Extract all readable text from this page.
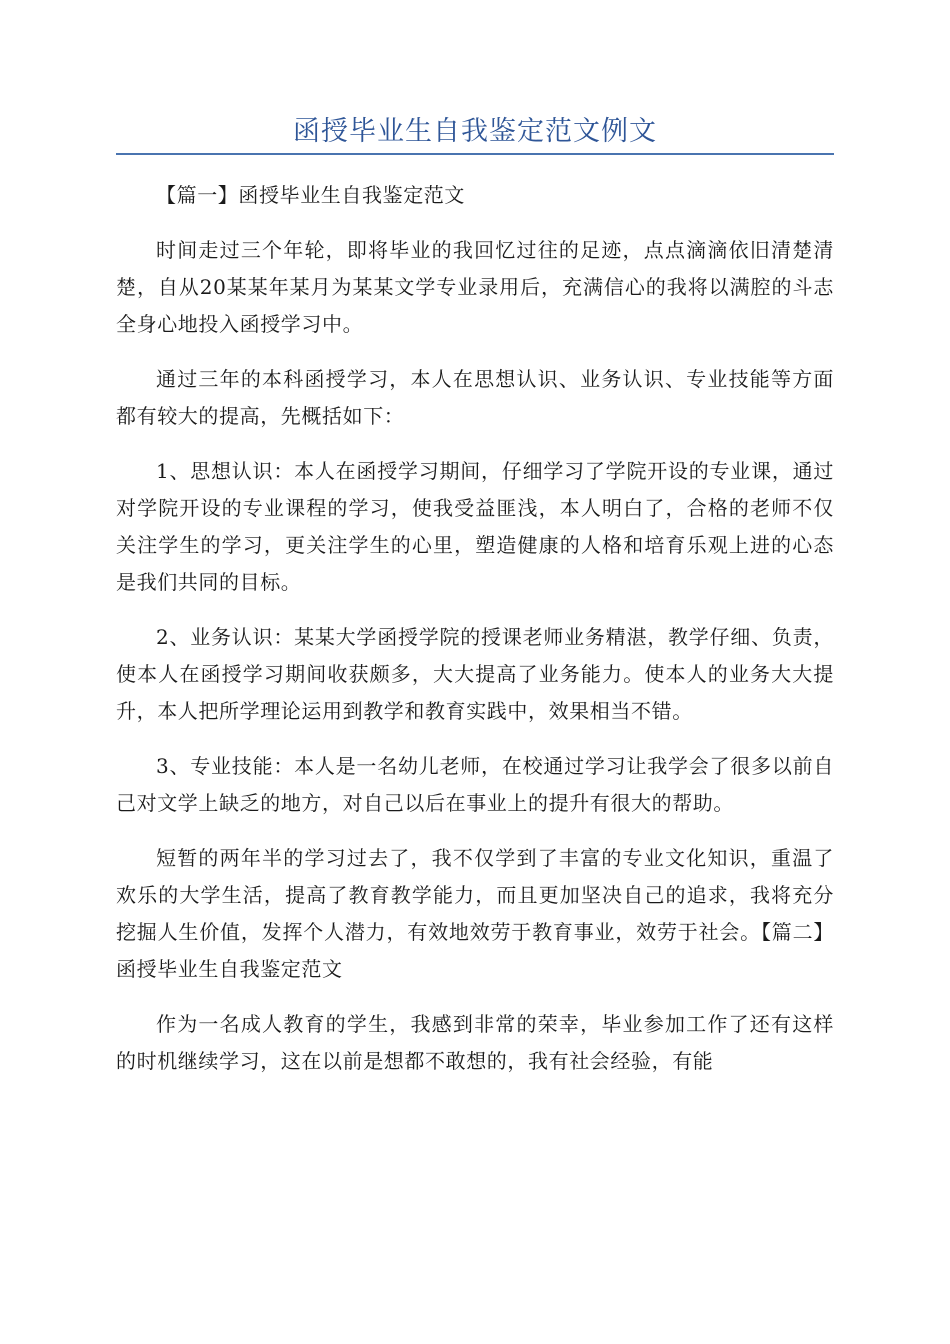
函授毕业生自我鉴定范文例文

【篇一】函授毕业生自我鉴定范文

时间走过三个年轮，即将毕业的我回忆过往的足迹，点点滴滴依旧清楚清楚，自从20某某年某月为某某文学专业录用后，充满信心的我将以满腔的斗志全身心地投入函授学习中。

通过三年的本科函授学习，本人在思想认识、业务认识、专业技能等方面都有较大的提高，先概括如下：

1、思想认识：本人在函授学习期间，仔细学习了学院开设的专业课，通过对学院开设的专业课程的学习，使我受益匪浅，本人明白了，合格的老师不仅关注学生的学习，更关注学生的心里，塑造健康的人格和培育乐观上进的心态是我们共同的目标。

2、业务认识：某某大学函授学院的授课老师业务精湛，教学仔细、负责，使本人在函授学习期间收获颇多，大大提高了业务能力。使本人的业务大大提升，本人把所学理论运用到教学和教育实践中，效果相当不错。

3、专业技能：本人是一名幼儿老师，在校通过学习让我学会了很多以前自己对文学上缺乏的地方，对自己以后在事业上的提升有很大的帮助。

短暂的两年半的学习过去了，我不仅学到了丰富的专业文化知识，重温了欢乐的大学生活，提高了教育教学能力，而且更加坚决自己的追求，我将充分挖掘人生价值，发挥个人潜力，有效地效劳于教育事业，效劳于社会。【篇二】函授毕业生自我鉴定范文

作为一名成人教育的学生，我感到非常的荣幸，毕业参加工作了还有这样的时机继续学习，这在以前是想都不敢想的，我有社会经验，有能
